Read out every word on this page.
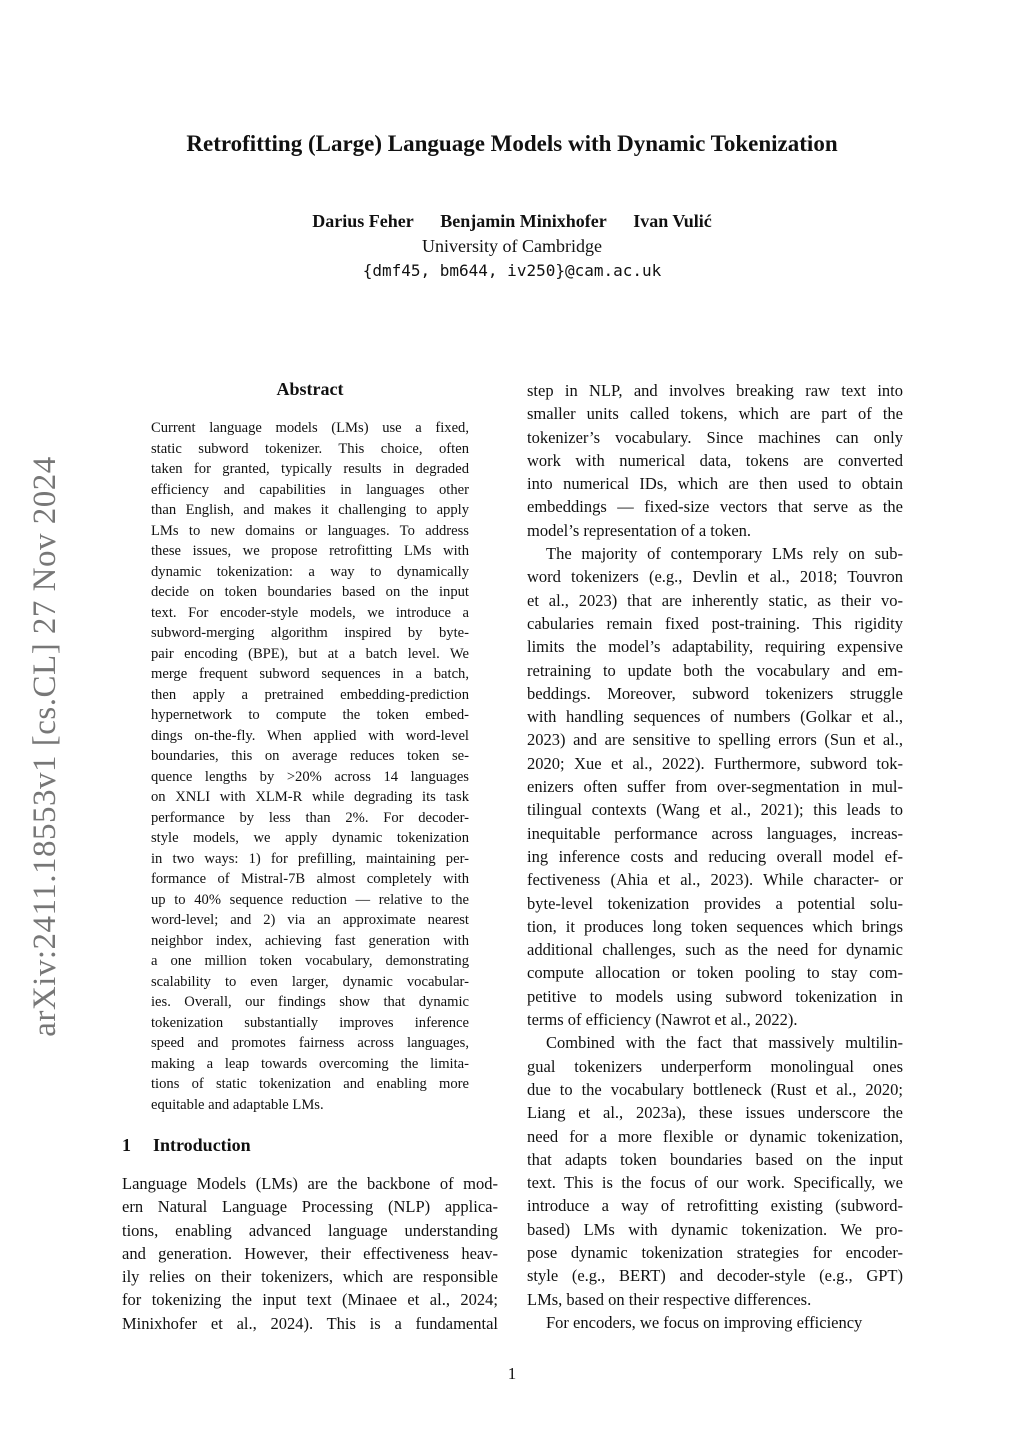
arXiv:2411.18553v1 [cs.CL] 27 Nov 2024
Retrofitting (Large) Language Models with Dynamic Tokenization
Darius Feher Benjamin Minixhofer Ivan Vulić
University of Cambridge
{dmf45, bm644, iv250}@cam.ac.uk
Abstract
Current language models (LMs) use a fixed,
static subword tokenizer. This choice, often
taken for granted, typically results in degraded
efficiency and capabilities in languages other
than English, and makes it challenging to apply
LMs to new domains or languages. To address
these issues, we propose retrofitting LMs with
dynamic tokenization: a way to dynamically
decide on token boundaries based on the input
text. For encoder-style models, we introduce a
subword-merging algorithm inspired by byte-
pair encoding (BPE), but at a batch level. We
merge frequent subword sequences in a batch,
then apply a pretrained embedding-prediction
hypernetwork to compute the token embed-
dings on-the-fly. When applied with word-level
boundaries, this on average reduces token se-
quence lengths by >20% across 14 languages
on XNLI with XLM-R while degrading its task
performance by less than 2%. For decoder-
style models, we apply dynamic tokenization
in two ways: 1) for prefilling, maintaining per-
formance of Mistral-7B almost completely with
up to 40% sequence reduction — relative to the
word-level; and 2) via an approximate nearest
neighbor index, achieving fast generation with
a one million token vocabulary, demonstrating
scalability to even larger, dynamic vocabular-
ies. Overall, our findings show that dynamic
tokenization substantially improves inference
speed and promotes fairness across languages,
making a leap towards overcoming the limita-
tions of static tokenization and enabling more
equitable and adaptable LMs.
1 Introduction
Language Models (LMs) are the backbone of mod-
ern Natural Language Processing (NLP) applica-
tions, enabling advanced language understanding
and generation. However, their effectiveness heav-
ily relies on their tokenizers, which are responsible
for tokenizing the input text (Minaee et al., 2024;
Minixhofer et al., 2024). This is a fundamental
step in NLP, and involves breaking raw text into
smaller units called tokens, which are part of the
tokenizer’s vocabulary. Since machines can only
work with numerical data, tokens are converted
into numerical IDs, which are then used to obtain
embeddings — fixed-size vectors that serve as the
model’s representation of a token.
The majority of contemporary LMs rely on sub-
word tokenizers (e.g., Devlin et al., 2018; Touvron
et al., 2023) that are inherently static, as their vo-
cabularies remain fixed post-training. This rigidity
limits the model’s adaptability, requiring expensive
retraining to update both the vocabulary and em-
beddings. Moreover, subword tokenizers struggle
with handling sequences of numbers (Golkar et al.,
2023) and are sensitive to spelling errors (Sun et al.,
2020; Xue et al., 2022). Furthermore, subword tok-
enizers often suffer from over-segmentation in mul-
tilingual contexts (Wang et al., 2021); this leads to
inequitable performance across languages, increas-
ing inference costs and reducing overall model ef-
fectiveness (Ahia et al., 2023). While character- or
byte-level tokenization provides a potential solu-
tion, it produces long token sequences which brings
additional challenges, such as the need for dynamic
compute allocation or token pooling to stay com-
petitive to models using subword tokenization in
terms of efficiency (Nawrot et al., 2022).
Combined with the fact that massively multilin-
gual tokenizers underperform monolingual ones
due to the vocabulary bottleneck (Rust et al., 2020;
Liang et al., 2023a), these issues underscore the
need for a more flexible or dynamic tokenization,
that adapts token boundaries based on the input
text. This is the focus of our work. Specifically, we
introduce a way of retrofitting existing (subword-
based) LMs with dynamic tokenization. We pro-
pose dynamic tokenization strategies for encoder-
style (e.g., BERT) and decoder-style (e.g., GPT)
LMs, based on their respective differences.
For encoders, we focus on improving efficiency
1
